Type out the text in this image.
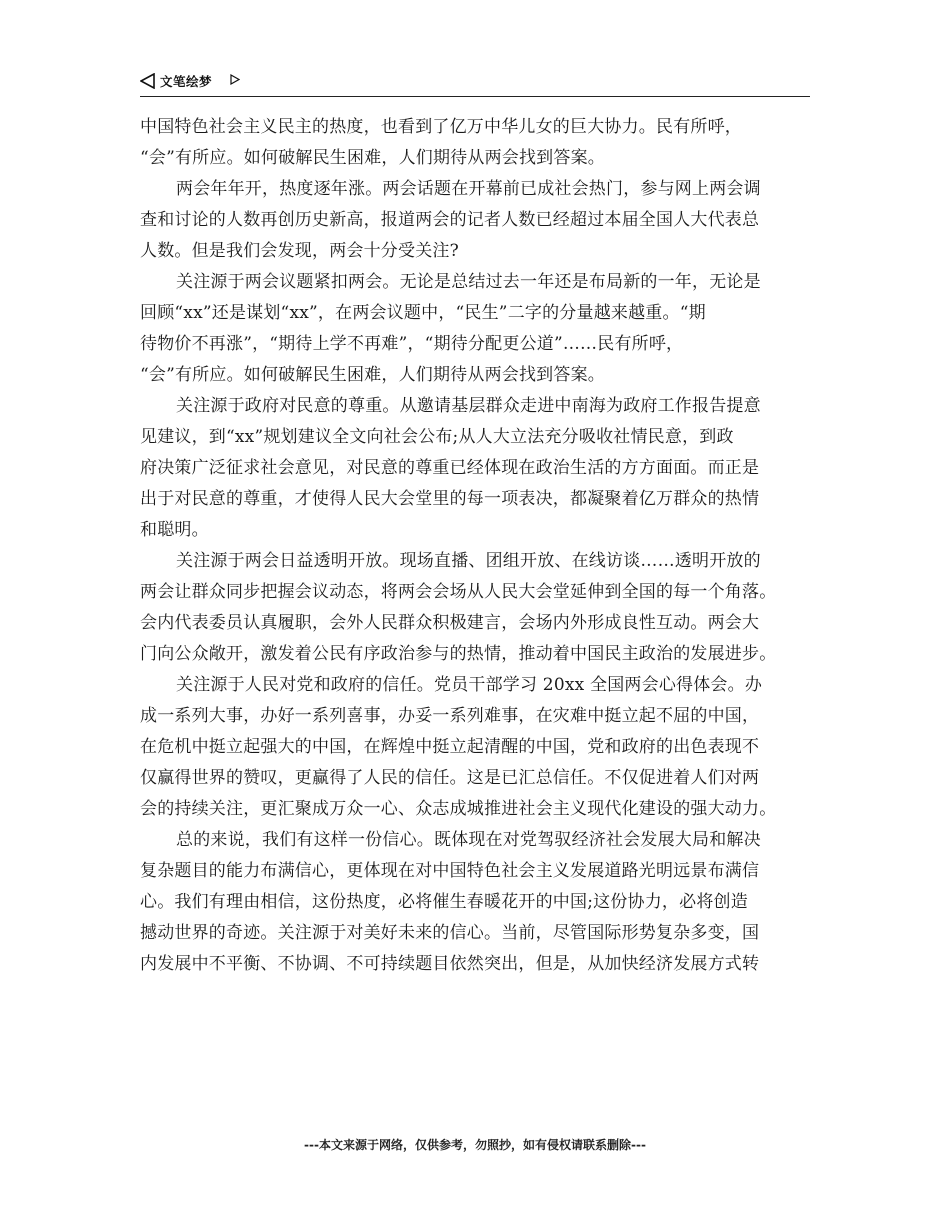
文笔绘梦
中国特色社会主义民主的热度，也看到了亿万中华儿女的巨大协力。民有所呼，
“会”有所应。如何破解民生困难，人们期待从两会找到答案。
两会年年开，热度逐年涨。两会话题在开幕前已成社会热门，参与网上两会调
查和讨论的人数再创历史新高，报道两会的记者人数已经超过本届全国人大代表总
人数。但是我们会发现，两会十分受关注?
关注源于两会议题紧扣两会。无论是总结过去一年还是布局新的一年，无论是
回顾“xx”还是谋划“xx”，在两会议题中，“民生”二字的分量越来越重。“期
待物价不再涨”，“期待上学不再难”，“期待分配更公道”……民有所呼，
“会”有所应。如何破解民生困难，人们期待从两会找到答案。
关注源于政府对民意的尊重。从邀请基层群众走进中南海为政府工作报告提意
见建议，到“xx”规划建议全文向社会公布;从人大立法充分吸收社情民意，到政
府决策广泛征求社会意见，对民意的尊重已经体现在政治生活的方方面面。而正是
出于对民意的尊重，才使得人民大会堂里的每一项表决，都凝聚着亿万群众的热情
和聪明。
关注源于两会日益透明开放。现场直播、团组开放、在线访谈……透明开放的
两会让群众同步把握会议动态，将两会会场从人民大会堂延伸到全国的每一个角落。
会内代表委员认真履职，会外人民群众积极建言，会场内外形成良性互动。两会大
门向公众敞开，激发着公民有序政治参与的热情，推动着中国民主政治的发展进步。
关注源于人民对党和政府的信任。党员干部学习 20xx 全国两会心得体会。办
成一系列大事，办好一系列喜事，办妥一系列难事，在灾难中挺立起不屈的中国，
在危机中挺立起强大的中国，在辉煌中挺立起清醒的中国，党和政府的出色表现不
仅赢得世界的赞叹，更赢得了人民的信任。这是已汇总信任。不仅促进着人们对两
会的持续关注，更汇聚成万众一心、众志成城推进社会主义现代化建设的强大动力。
总的来说，我们有这样一份信心。既体现在对党驾驭经济社会发展大局和解决
复杂题目的能力布满信心，更体现在对中国特色社会主义发展道路光明远景布满信
心。我们有理由相信，这份热度，必将催生春暖花开的中国;这份协力，必将创造
撼动世界的奇迹。关注源于对美好未来的信心。当前，尽管国际形势复杂多变，国
内发展中不平衡、不协调、不可持续题目依然突出，但是，从加快经济发展方式转
---本文来源于网络，仅供参考，勿照抄，如有侵权请联系删除---
